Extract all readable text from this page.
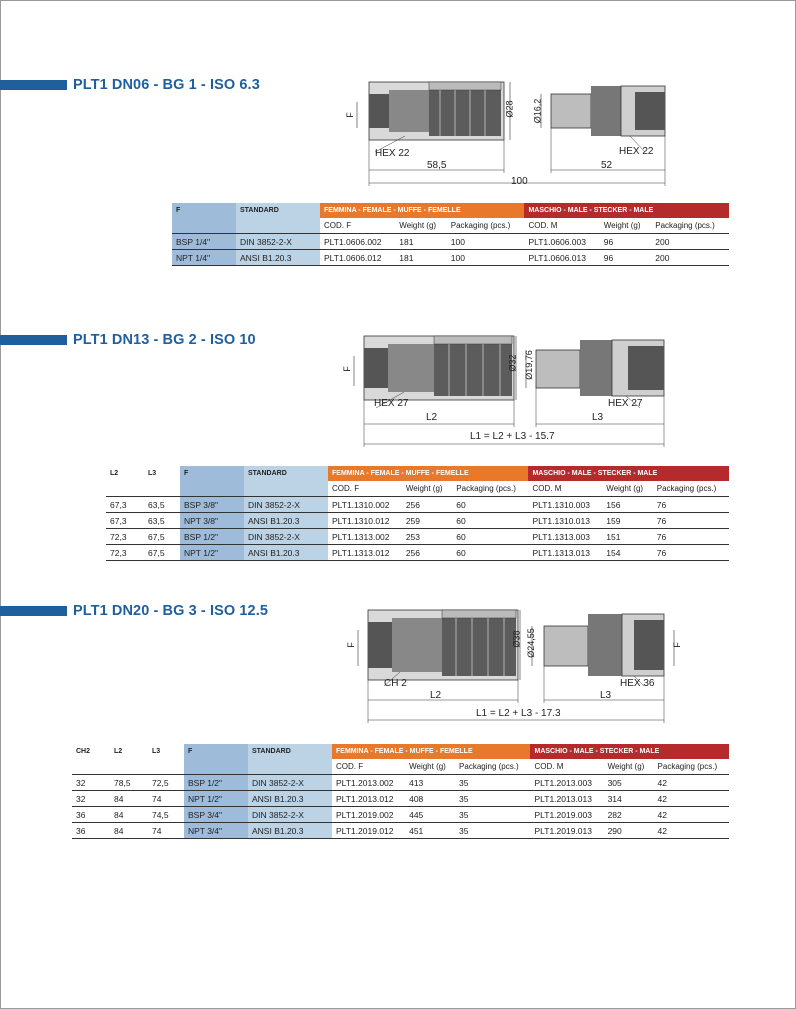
PLT1 DN06 - BG 1 - ISO 6.3
F	Ø28 Ø16,2
HEX 22	HEX 22
58,5	52
100
F	STANDARD	FEMMINA - FEMALE - MUFFE - FEMELLE			MASCHIO - MALE - STECKER - MALE		
		COD. F	Weight (g)	Packaging (pcs.)	COD. M	Weight (g)	Packaging (pcs.)
BSP 1/4"	DIN 3852-2-X	PLT1.0606.002	181	100	PLT1.0606.003	96	200
NPT 1/4"	ANSI B1.20.3	PLT1.0606.012	181	100	PLT1.0606.013	96	200
PLT1 DN13 - BG 2 - ISO 10
F	Ø32 Ø19,76
HEX 27	HEX 27
L2	L3
L1 = L2 + L3 - 15.7
L2	L3	F	STANDARD	FEMMINA - FEMALE - MUFFE - FEMELLE			MASCHIO - MALE - STECKER - MALE		
				COD. F	Weight (g)	Packaging (pcs.)	COD. M	Weight (g)	Packaging (pcs.)
67,3	63,5	BSP 3/8"	DIN 3852-2-X	PLT1.1310.002	256	60	PLT1.1310.003	156	76
67,3	63,5	NPT 3/8"	ANSI B1.20.3	PLT1.1310.012	259	60	PLT1.1310.013	159	76
72,3	67,5	BSP 1/2"	DIN 3852-2-X	PLT1.1313.002	253	60	PLT1.1313.003	151	76
72,3	67,5	NPT 1/2"	ANSI B1.20.3	PLT1.1313.012	256	60	PLT1.1313.013	154	76
PLT1 DN20 - BG 3 - ISO 12.5
F	Ø38 Ø24,55	F
CH 2	HEX 36
L2	L3
L1 = L2 + L3 - 17.3
CH2	L2	L3	F	STANDARD	FEMMINA - FEMALE - MUFFE - FEMELLE			MASCHIO - MALE - STECKER - MALE		
					COD. F	Weight (g)	Packaging (pcs.)	COD. M	Weight (g)	Packaging (pcs.)
32	78,5	72,5	BSP 1/2"	DIN 3852-2-X	PLT1.2013.002	413	35	PLT1.2013.003	305	42
32	84	74	NPT 1/2"	ANSI B1.20.3	PLT1.2013.012	408	35	PLT1.2013.013	314	42
36	84	74,5	BSP 3/4"	DIN 3852-2-X	PLT1.2019.002	445	35	PLT1.2019.003	282	42
36	84	74	NPT 3/4"	ANSI B1.20.3	PLT1.2019.012	451	35	PLT1.2019.013	290	42
